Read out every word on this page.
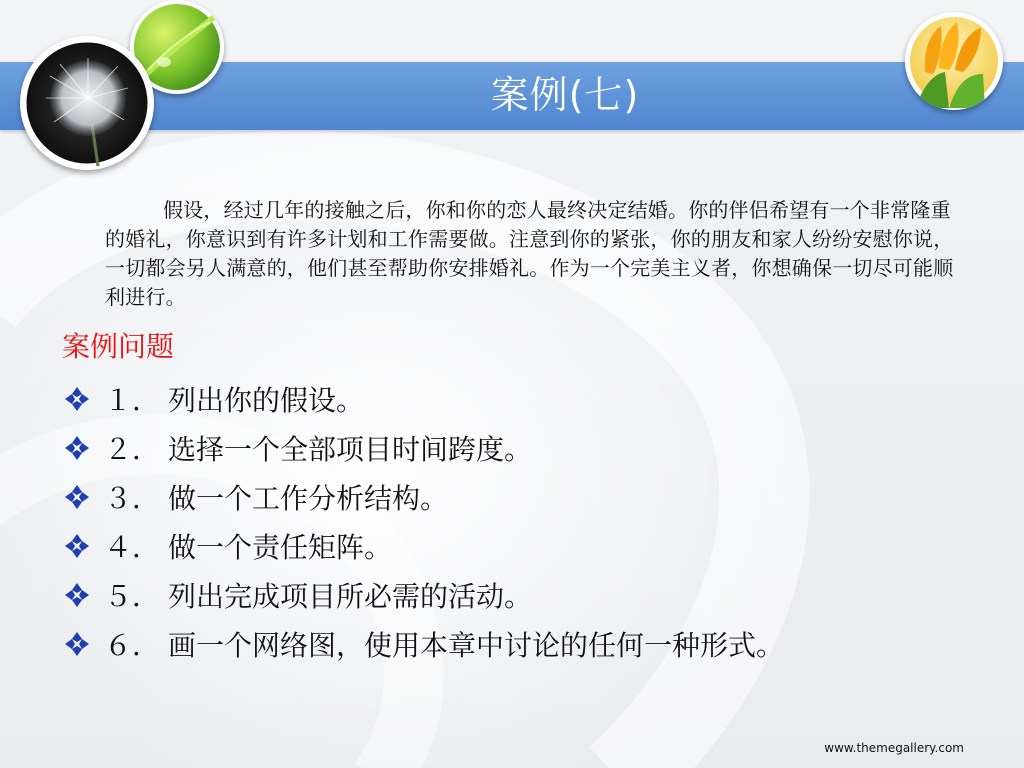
案例(七)
假设，经过几年的接触之后，你和你的恋人最终决定结婚。你的伴侣希望有一个非常隆重的婚礼，你意识到有许多计划和工作需要做。注意到你的紧张，你的朋友和家人纷纷安慰你说，一切都会另人满意的，他们甚至帮助你安排婚礼。作为一个完美主义者，你想确保一切尽可能顺利进行。
案例问题
１． 列出你的假设。
２． 选择一个全部项目时间跨度。
３． 做一个工作分析结构。
４． 做一个责任矩阵。
５． 列出完成项目所必需的活动。
６． 画一个网络图，使用本章中讨论的任何一种形式。
www.themegallery.com
